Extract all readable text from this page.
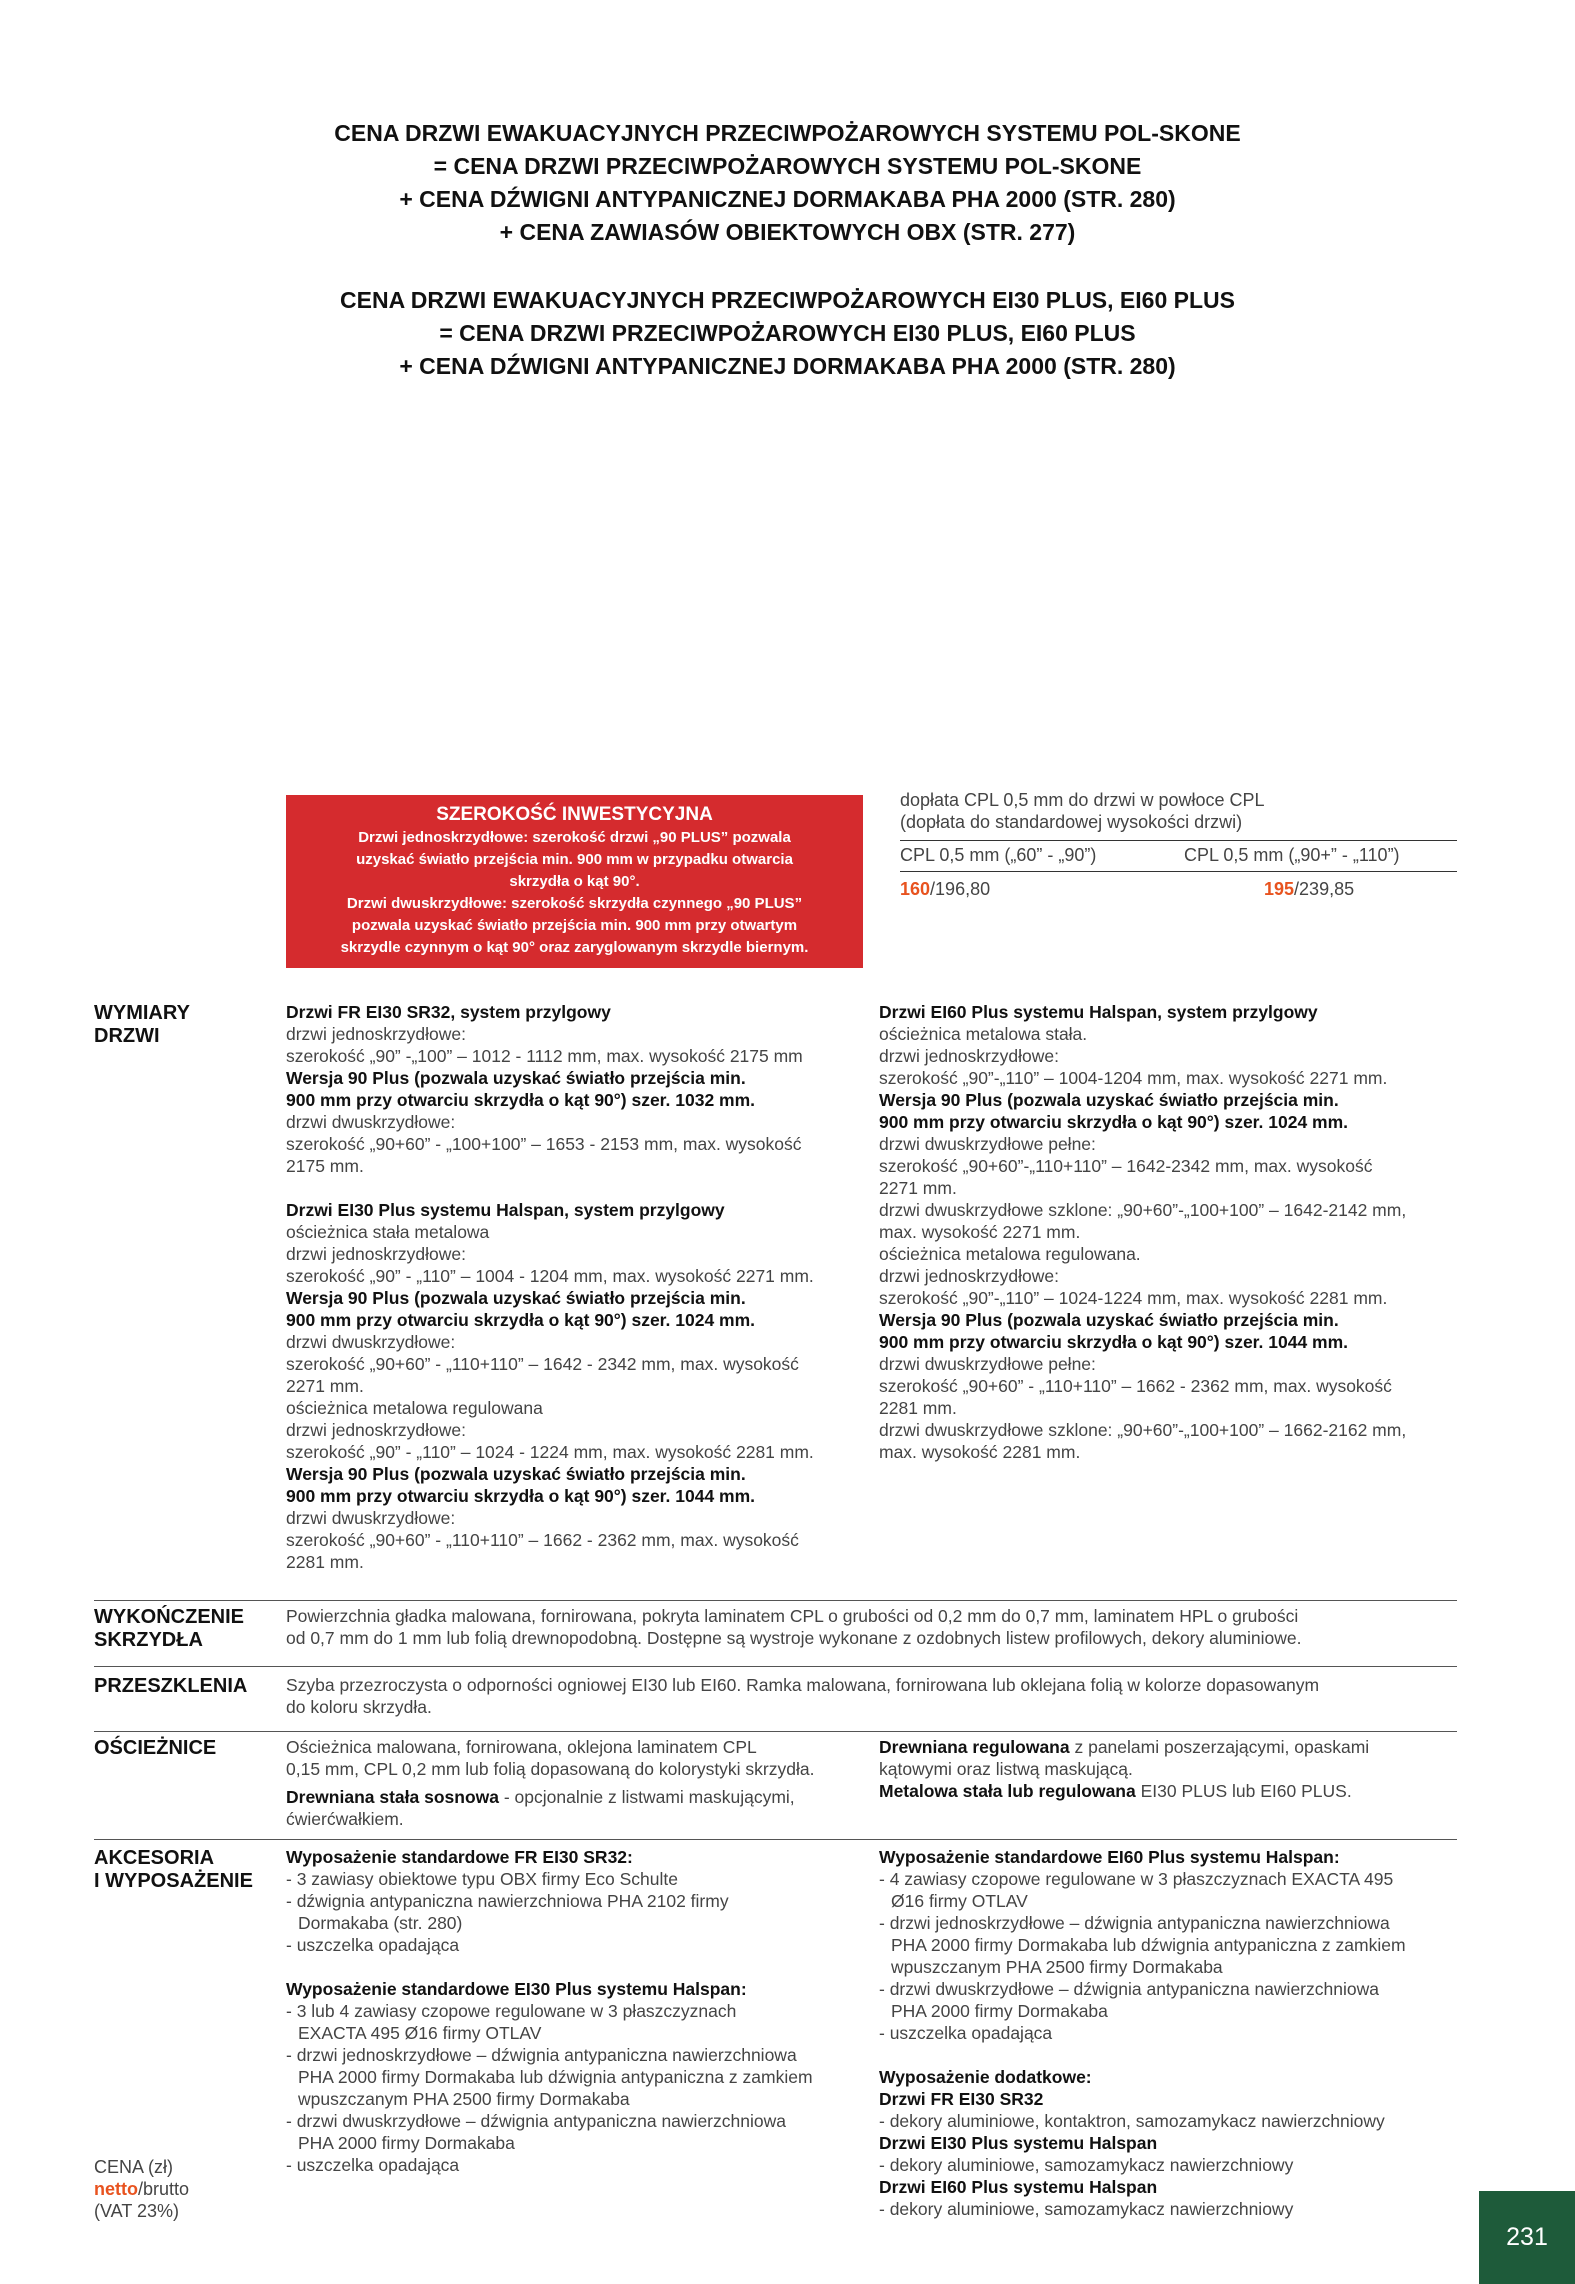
CENA DRZWI EWAKUACYJNYCH PRZECIWPOŻAROWYCH SYSTEMU POL-SKONE
= CENA DRZWI PRZECIWPOŻAROWYCH SYSTEMU POL-SKONE
+ CENA DŹWIGNI ANTYPANICZNEJ DORMAKABA PHA 2000 (STR. 280)
+ CENA ZAWIASÓW OBIEKTOWYCH OBX (STR. 277)
CENA DRZWI EWAKUACYJNYCH PRZECIWPOŻAROWYCH EI30 PLUS, EI60 PLUS
= CENA DRZWI PRZECIWPOŻAROWYCH EI30 PLUS, EI60 PLUS
+ CENA DŹWIGNI ANTYPANICZNEJ DORMAKABA PHA 2000 (STR. 280)
SZEROKOŚĆ INWESTYCYJNA
Drzwi jednoskrzydłowe: szerokość drzwi „90 PLUS” pozwala
uzyskać światło przejścia min. 900 mm w przypadku otwarcia
skrzydła o kąt 90°.
Drzwi dwuskrzydłowe: szerokość skrzydła czynnego „90 PLUS”
pozwala uzyskać światło przejścia min. 900 mm przy otwartym
skrzydle czynnym o kąt 90° oraz zaryglowanym skrzydle biernym.
dopłata CPL 0,5 mm do drzwi w powłoce CPL
(dopłata do standardowej wysokości drzwi)
CPL 0,5 mm („60” - „90”)	CPL 0,5 mm („90+” - „110”)
160/196,80	195/239,85
WYMIARY
DRZWI
Drzwi FR EI30 SR32, system przylgowy
drzwi jednoskrzydłowe:
szerokość „90” -„100” – 1012 - 1112 mm, max. wysokość 2175 mm
Wersja 90 Plus (pozwala uzyskać światło przejścia min.
900 mm przy otwarciu skrzydła o kąt 90°) szer. 1032 mm.
drzwi dwuskrzydłowe:
szerokość „90+60” - „100+100” – 1653 - 2153 mm, max. wysokość
2175 mm.
Drzwi EI30 Plus systemu Halspan, system przylgowy
ościeżnica stała metalowa
drzwi jednoskrzydłowe:
szerokość „90” - „110” – 1004 - 1204 mm, max. wysokość 2271 mm.
Wersja 90 Plus (pozwala uzyskać światło przejścia min.
900 mm przy otwarciu skrzydła o kąt 90°) szer. 1024 mm.
drzwi dwuskrzydłowe:
szerokość „90+60” - „110+110” – 1642 - 2342 mm, max. wysokość
2271 mm.
ościeżnica metalowa regulowana
drzwi jednoskrzydłowe:
szerokość „90” - „110” – 1024 - 1224 mm, max. wysokość 2281 mm.
Wersja 90 Plus (pozwala uzyskać światło przejścia min.
900 mm przy otwarciu skrzydła o kąt 90°) szer. 1044 mm.
drzwi dwuskrzydłowe:
szerokość „90+60” - „110+110” – 1662 - 2362 mm, max. wysokość
2281 mm.
Drzwi EI60 Plus systemu Halspan, system przylgowy
ościeżnica metalowa stała.
drzwi jednoskrzydłowe:
szerokość „90”-„110” – 1004-1204 mm, max. wysokość 2271 mm.
Wersja 90 Plus (pozwala uzyskać światło przejścia min.
900 mm przy otwarciu skrzydła o kąt 90°) szer. 1024 mm.
drzwi dwuskrzydłowe pełne:
szerokość „90+60”-„110+110” – 1642-2342 mm, max. wysokość
2271 mm.
drzwi dwuskrzydłowe szklone: „90+60”-„100+100” – 1642-2142 mm,
max. wysokość 2271 mm.
ościeżnica metalowa regulowana.
drzwi jednoskrzydłowe:
szerokość „90”-„110” – 1024-1224 mm, max. wysokość 2281 mm.
Wersja 90 Plus (pozwala uzyskać światło przejścia min.
900 mm przy otwarciu skrzydła o kąt 90°) szer. 1044 mm.
drzwi dwuskrzydłowe pełne:
szerokość „90+60” - „110+110” – 1662 - 2362 mm, max. wysokość
2281 mm.
drzwi dwuskrzydłowe szklone: „90+60”-„100+100” – 1662-2162 mm,
max. wysokość 2281 mm.
WYKOŃCZENIE
SKRZYDŁA
Powierzchnia gładka malowana, fornirowana, pokryta laminatem CPL o grubości od 0,2 mm do 0,7 mm, laminatem HPL o grubości
od 0,7 mm do 1 mm lub folią drewnopodobną. Dostępne są wystroje wykonane z ozdobnych listew profilowych, dekory aluminiowe.
PRZESZKLENIA Szyba przezroczysta o odporności ogniowej EI30 lub EI60. Ramka malowana, fornirowana lub oklejana folią w kolorze dopasowanym
do koloru skrzydła.
OŚCIEŻNICE	Ościeżnica malowana, fornirowana, oklejona laminatem CPL
0,15 mm, CPL 0,2 mm lub folią dopasowaną do kolorystyki skrzydła.
Drewniana stała sosnowa - opcjonalnie z listwami maskującymi,
ćwierćwałkiem.
Drewniana regulowana z panelami poszerzającymi, opaskami
kątowymi oraz listwą maskującą.
Metalowa stała lub regulowana EI30 PLUS lub EI60 PLUS.
AKCESORIA
I WYPOSAŻENIE
Wyposażenie standardowe FR EI30 SR32:
- 3 zawiasy obiektowe typu OBX firmy Eco Schulte
- dźwignia antypaniczna nawierzchniowa PHA 2102 firmy
Dormakaba (str. 280)
- uszczelka opadająca
Wyposażenie standardowe EI30 Plus systemu Halspan:
- 3 lub 4 zawiasy czopowe regulowane w 3 płaszczyznach
EXACTA 495 Ø16 firmy OTLAV
- drzwi jednoskrzydłowe – dźwignia antypaniczna nawierzchniowa
PHA 2000 firmy Dormakaba lub dźwignia antypaniczna z zamkiem
wpuszczanym PHA 2500 firmy Dormakaba
- drzwi dwuskrzydłowe – dźwignia antypaniczna nawierzchniowa
PHA 2000 firmy Dormakaba
- uszczelka opadająca
Wyposażenie standardowe EI60 Plus systemu Halspan:
- 4 zawiasy czopowe regulowane w 3 płaszczyznach EXACTA 495
Ø16 firmy OTLAV
- drzwi jednoskrzydłowe – dźwignia antypaniczna nawierzchniowa
PHA 2000 firmy Dormakaba lub dźwignia antypaniczna z zamkiem
wpuszczanym PHA 2500 firmy Dormakaba
- drzwi dwuskrzydłowe – dźwignia antypaniczna nawierzchniowa
PHA 2000 firmy Dormakaba
- uszczelka opadająca
Wyposażenie dodatkowe:
Drzwi FR EI30 SR32
- dekory aluminiowe, kontaktron, samozamykacz nawierzchniowy
Drzwi EI30 Plus systemu Halspan
- dekory aluminiowe, samozamykacz nawierzchniowy
Drzwi EI60 Plus systemu Halspan
- dekory aluminiowe, samozamykacz nawierzchniowy
CENA (zł)
netto/brutto
(VAT 23%)
231
